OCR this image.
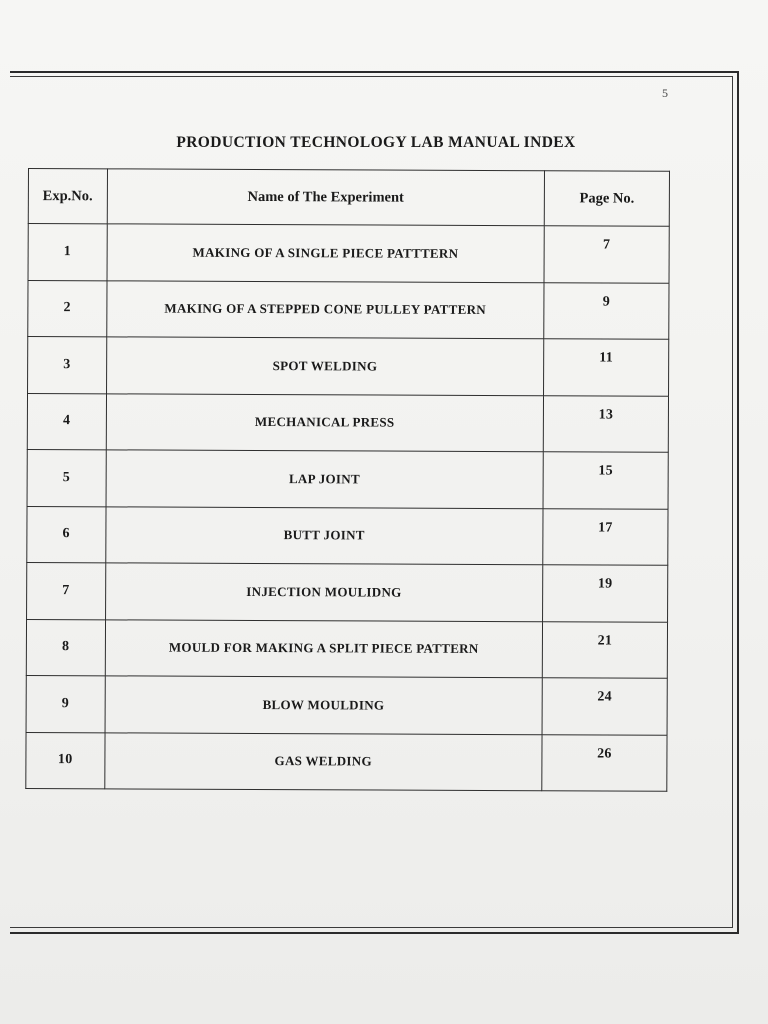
5
PRODUCTION TECHNOLOGY LAB MANUAL INDEX
Exp.No.	Name of The Experiment	Page No.
1	MAKING OF A SINGLE PIECE PATTTERN	7
2	MAKING OF A STEPPED CONE PULLEY PATTERN	9
3	SPOT WELDING	11
4	MECHANICAL PRESS	13
5	LAP JOINT	15
6	BUTT JOINT	17
7	INJECTION MOULIDNG	19
8	MOULD FOR MAKING A SPLIT PIECE PATTERN	21
9	BLOW MOULDING	24
10	GAS WELDING	26
